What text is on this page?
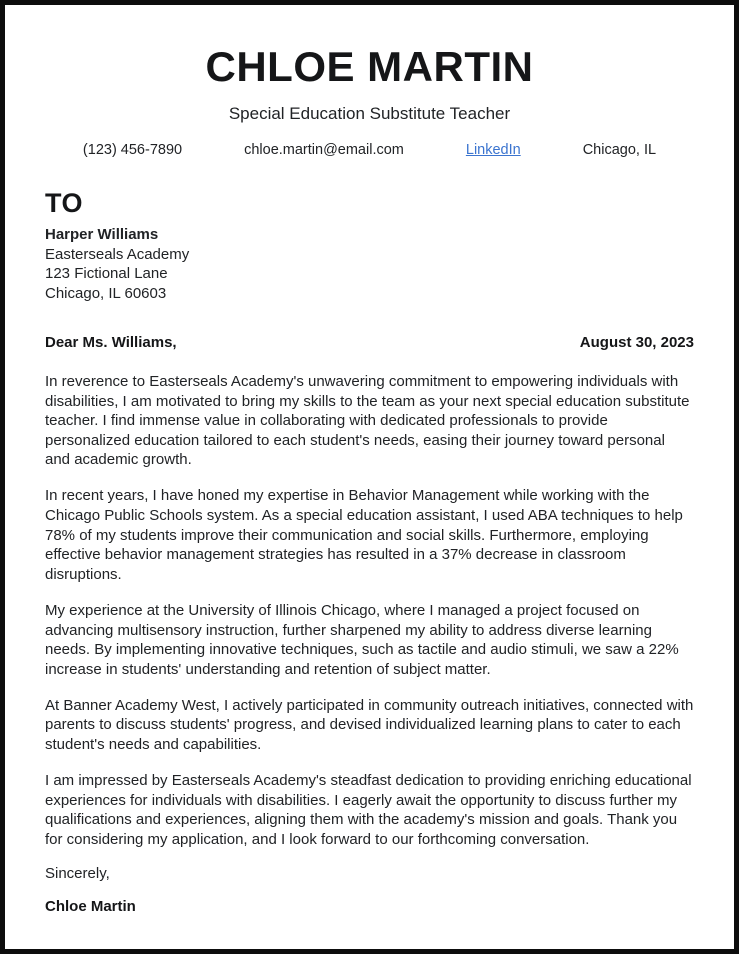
CHLOE MARTIN
Special Education Substitute Teacher
(123) 456-7890	chloe.martin@email.com	LinkedIn	Chicago, IL
TO
Harper Williams
Easterseals Academy
123 Fictional Lane
Chicago, IL 60603
Dear Ms. Williams,	August 30, 2023

In reverence to Easterseals Academy's unwavering commitment to empowering individuals with disabilities, I am motivated to bring my skills to the team as your next special education substitute teacher. I find immense value in collaborating with dedicated professionals to provide personalized education tailored to each student's needs, easing their journey toward personal and academic growth.

In recent years, I have honed my expertise in Behavior Management while working with the Chicago Public Schools system. As a special education assistant, I used ABA techniques to help 78% of my students improve their communication and social skills. Furthermore, employing effective behavior management strategies has resulted in a 37% decrease in classroom disruptions.

My experience at the University of Illinois Chicago, where I managed a project focused on advancing multisensory instruction, further sharpened my ability to address diverse learning needs. By implementing innovative techniques, such as tactile and audio stimuli, we saw a 22% increase in students' understanding and retention of subject matter.

At Banner Academy West, I actively participated in community outreach initiatives, connected with parents to discuss students' progress, and devised individualized learning plans to cater to each student's needs and capabilities.

I am impressed by Easterseals Academy's steadfast dedication to providing enriching educational experiences for individuals with disabilities. I eagerly await the opportunity to discuss further my qualifications and experiences, aligning them with the academy's mission and goals. Thank you for considering my application, and I look forward to our forthcoming conversation.

Sincerely,
Chloe Martin
